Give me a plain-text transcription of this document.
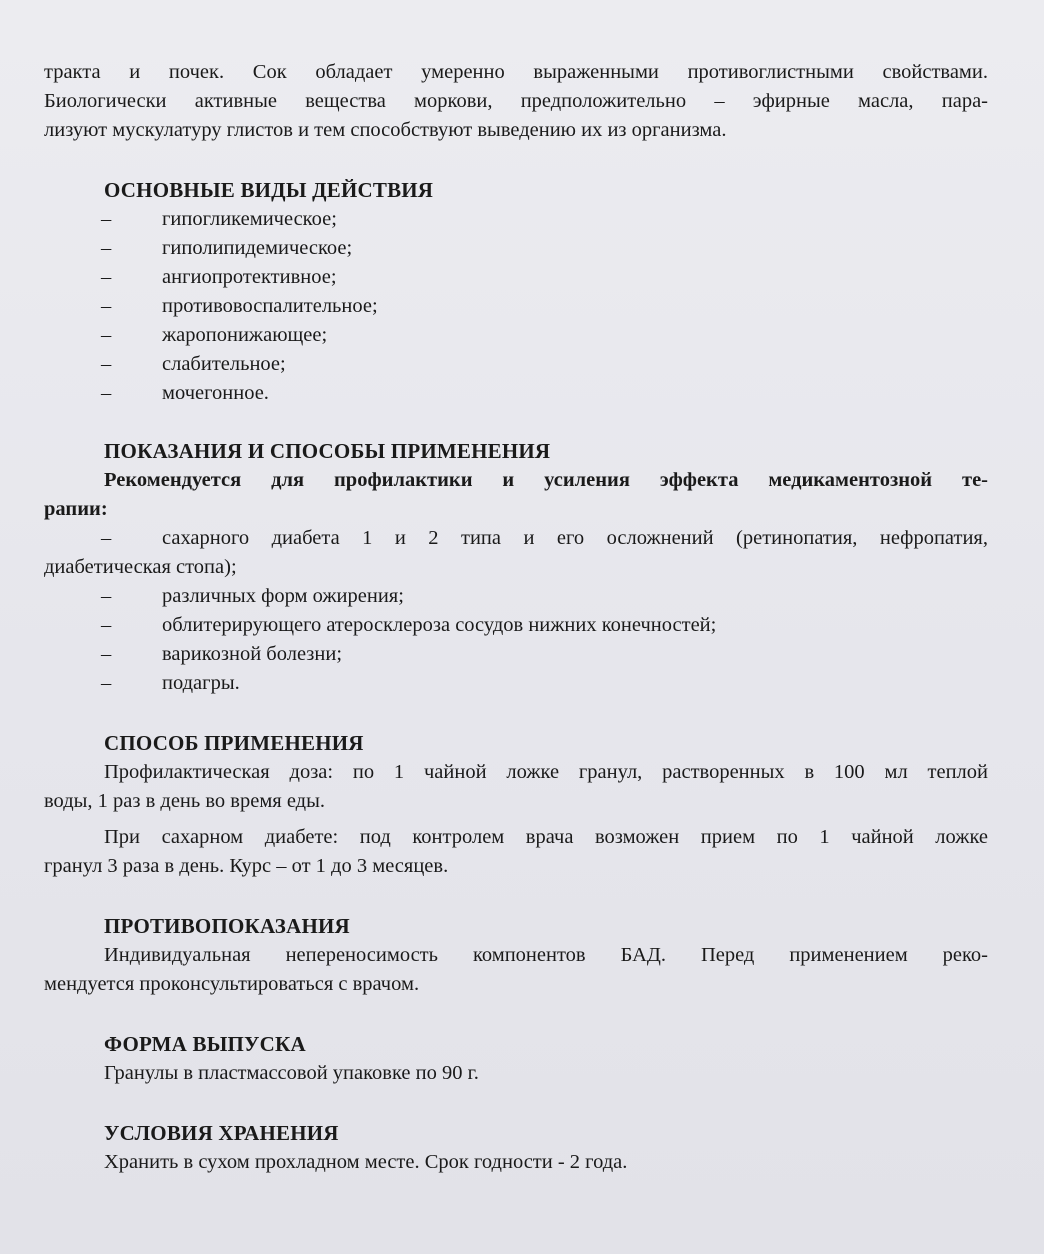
тракта и почек. Сок обладает умеренно выраженными противоглистными свойствами.
Биологически активные вещества моркови, предположительно – эфирные масла, пара-
лизуют мускулатуру глистов и тем способствуют выведению их из организма.
ОСНОВНЫЕ ВИДЫ ДЕЙСТВИЯ
– гипогликемическое;
– гиполипидемическое;
– ангиопротективное;
– противовоспалительное;
– жаропонижающее;
– слабительное;
– мочегонное.
ПОКАЗАНИЯ И СПОСОБЫ ПРИМЕНЕНИЯ
Рекомендуется для профилактики и усиления эффекта медикаментозной те-
рапии:
– сахарного диабета 1 и 2 типа и его осложнений (ретинопатия, нефропатия,
диабетическая стопа);
– различных форм ожирения;
– облитерирующего атеросклероза сосудов нижних конечностей;
– варикозной болезни;
– подагры.
СПОСОБ ПРИМЕНЕНИЯ
Профилактическая доза: по 1 чайной ложке гранул, растворенных в 100 мл теплой
воды, 1 раз в день во время еды.
При сахарном диабете: под контролем врача возможен прием по 1 чайной ложке
гранул 3 раза в день. Курс – от 1 до 3 месяцев.
ПРОТИВОПОКАЗАНИЯ
Индивидуальная непереносимость компонентов БАД. Перед применением реко-
мендуется проконсультироваться с врачом.
ФОРМА ВЫПУСКА
Гранулы в пластмассовой упаковке по 90 г.
УСЛОВИЯ ХРАНЕНИЯ
Хранить в сухом прохладном месте. Срок годности - 2 года.
